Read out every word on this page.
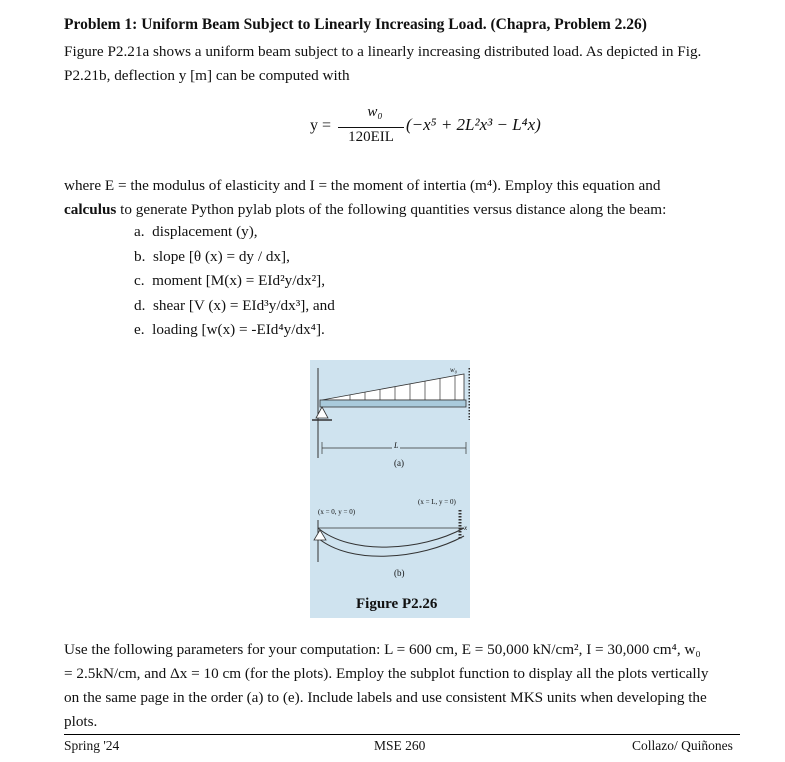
Problem 1: Uniform Beam Subject to Linearly Increasing Load. (Chapra, Problem 2.26)
Figure P2.21a shows a uniform beam subject to a linearly increasing distributed load. As depicted in Fig.
P2.21b, deflection y [m] can be computed with
y =
w₀
120EIL
(−x⁵ + 2L²x³ − L⁴x)
where E = the modulus of elasticity and I = the moment of intertia (m⁴). Employ this equation and
calculus to generate Python pylab plots of the following quantities versus distance along the beam:
a. displacement (y),
b. slope [θ (x) = dy / dx],
c. moment [M(x) = EId²y/dx²],
d. shear [V (x) = EId³y/dx³], and
e. loading [w(x) = -EId⁴y/dx⁴].
w₀
L
(a)
(x = 0, y = 0)
(x = L, y = 0)
x
(b)
Figure P2.26
Use the following parameters for your computation: L = 600 cm, E = 50,000 kN/cm², I = 30,000 cm⁴, w₀
= 2.5kN/cm, and Δx = 10 cm (for the plots). Employ the subplot function to display all the plots vertically
on the same page in the order (a) to (e). Include labels and use consistent MKS units when developing the
plots.
Spring '24	MSE 260	Collazo/ Quiñones
